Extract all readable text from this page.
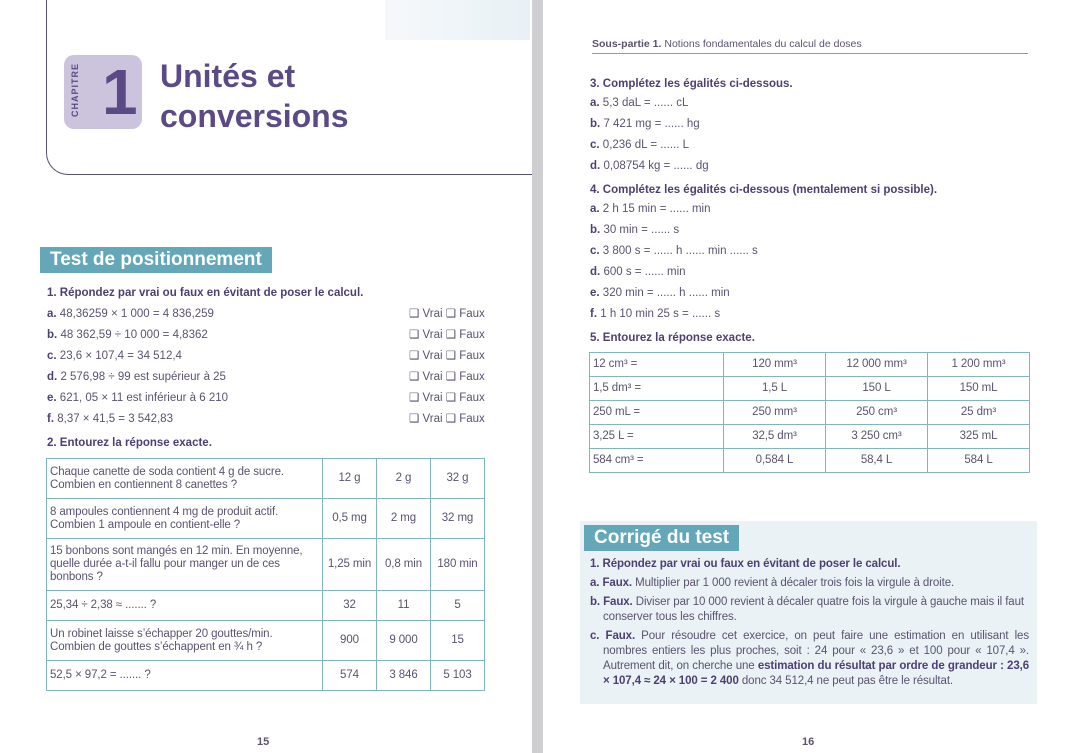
CHAPITRE 1 Unités et
conversions
Test de positionnement
1. Répondez par vrai ou faux en évitant de poser le calcul.
a. 48,36259 × 1 000 = 4 836,259	❑ Vrai ❑ Faux
b. 48 362,59 ÷ 10 000 = 4,8362	❑ Vrai ❑ Faux
c. 23,6 × 107,4 = 34 512,4	❑ Vrai ❑ Faux
d. 2 576,98 ÷ 99 est supérieur à 25	❑ Vrai ❑ Faux
e. 621, 05 × 11 est inférieur à 6 210	❑ Vrai ❑ Faux
f. 8,37 × 41,5 = 3 542,83	❑ Vrai ❑ Faux
2. Entourez la réponse exacte.
Chaque canette de soda contient 4 g de sucre. Combien en contiennent 8 canettes ?	12 g	2 g	32 g
8 ampoules contiennent 4 mg de produit actif. Combien 1 ampoule en contient-elle ?	0,5 mg	2 mg	32 mg
15 bonbons sont mangés en 12 min. En moyenne, quelle durée a-t-il fallu pour manger un de ces bonbons ?	1,25 min	0,8 min	180 min
25,34 ÷ 2,38 ≈ ....... ?	32	11	5
Un robinet laisse s’échapper 20 gouttes/min. Combien de gouttes s’échappent en ¾ h ?	900	9 000	15
52,5 × 97,2 = ....... ?	574	3 846	5 103
15
Sous-partie 1. Notions fondamentales du calcul de doses
3. Complétez les égalités ci-dessous.
a. 5,3 daL = ...... cL
b. 7 421 mg = ...... hg
c. 0,236 dL = ...... L
d. 0,08754 kg = ...... dg
4. Complétez les égalités ci-dessous (mentalement si possible).
a. 2 h 15 min = ...... min
b. 30 min = ...... s
c. 3 800 s = ...... h ...... min ...... s
d. 600 s = ...... min
e. 320 min = ...... h ...... min
f. 1 h 10 min 25 s = ...... s
5. Entourez la réponse exacte.
12 cm³ =	120 mm³	12 000 mm³	1 200 mm³
1,5 dm³ =	1,5 L	150 L	150 mL
250 mL =	250 mm³	250 cm³	25 dm³
3,25 L =	32,5 dm³	3 250 cm³	325 mL
584 cm³ =	0,584 L	58,4 L	584 L
Corrigé du test

1. Répondez par vrai ou faux en évitant de poser le calcul.

a. Faux. Multiplier par 1 000 revient à décaler trois fois la virgule à droite.

b. Faux. Diviser par 10 000 revient à décaler quatre fois la virgule à gauche mais il faut conserver tous les chiffres.

c. Faux. Pour résoudre cet exercice, on peut faire une estimation en utilisant les nombres entiers les plus proches, soit : 24 pour « 23,6 » et 100 pour « 107,4 ». Autrement dit, on cherche une estimation du résultat par ordre de grandeur : 23,6 × 107,4 ≈ 24 × 100 = 2 400 donc 34 512,4 ne peut pas être le résultat.

16
